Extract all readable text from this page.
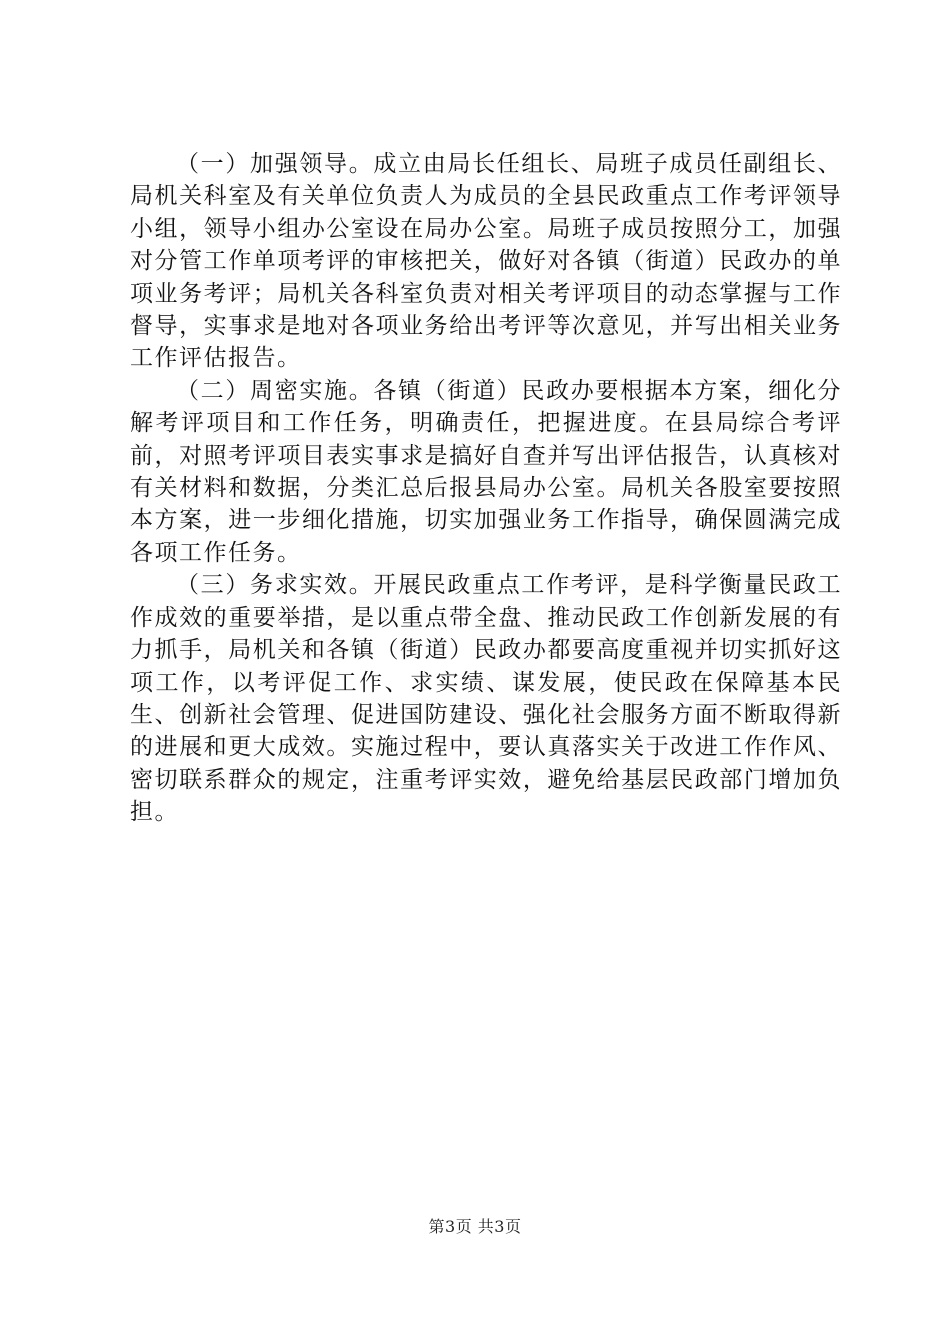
（一）加强领导。成立由局长任组长、局班子成员任副组长、局机关科室及有关单位负责人为成员的全县民政重点工作考评领导小组，领导小组办公室设在局办公室。局班子成员按照分工，加强对分管工作单项考评的审核把关，做好对各镇（街道）民政办的单项业务考评；局机关各科室负责对相关考评项目的动态掌握与工作督导，实事求是地对各项业务给出考评等次意见，并写出相关业务工作评估报告。

（二）周密实施。各镇（街道）民政办要根据本方案，细化分解考评项目和工作任务，明确责任，把握进度。在县局综合考评前，对照考评项目表实事求是搞好自查并写出评估报告，认真核对有关材料和数据，分类汇总后报县局办公室。局机关各股室要按照本方案，进一步细化措施，切实加强业务工作指导，确保圆满完成各项工作任务。

（三）务求实效。开展民政重点工作考评，是科学衡量民政工作成效的重要举措，是以重点带全盘、推动民政工作创新发展的有力抓手，局机关和各镇（街道）民政办都要高度重视并切实抓好这项工作，以考评促工作、求实绩、谋发展，使民政在保障基本民生、创新社会管理、促进国防建设、强化社会服务方面不断取得新的进展和更大成效。实施过程中，要认真落实关于改进工作作风、密切联系群众的规定，注重考评实效，避免给基层民政部门增加负担。

第3页 共3页
